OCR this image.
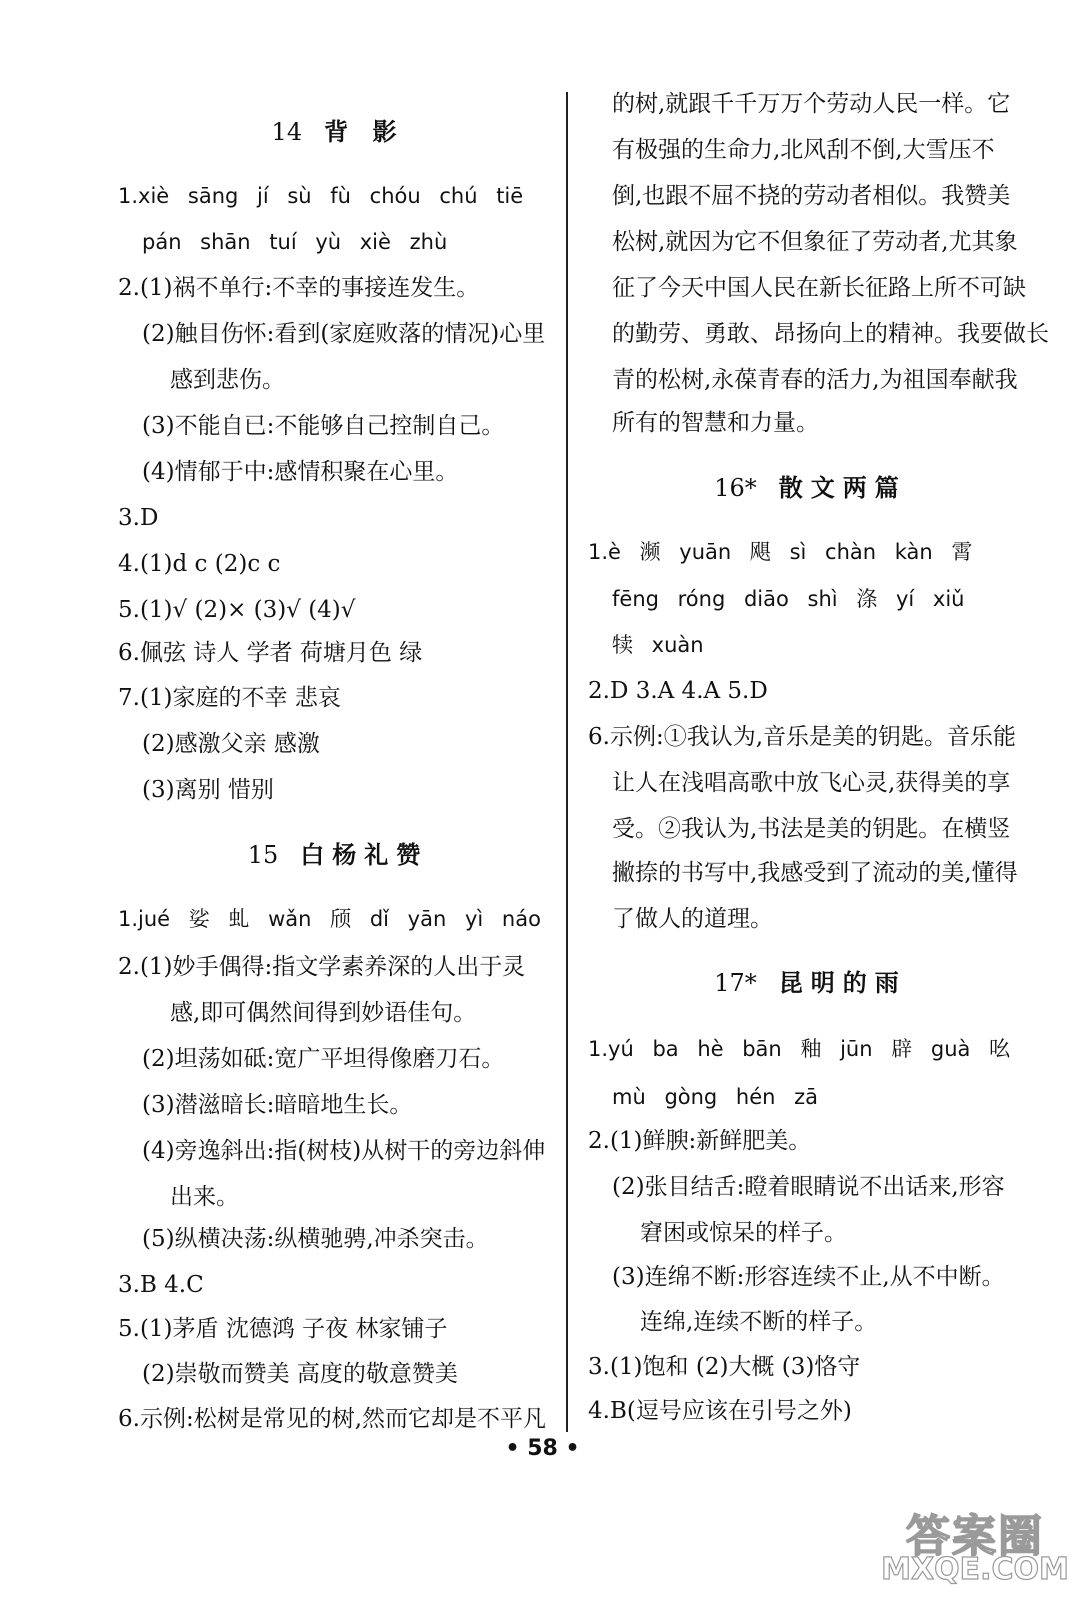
14 背 影
1.xiè sāng jí sù fù chóu chú tiē
pán shān tuí yù xiè zhù
2.(1)祸不单行:不幸的事接连发生。
(2)触目伤怀:看到(家庭败落的情况)心里
感到悲伤。
(3)不能自已:不能够自己控制自己。
(4)情郁于中:感情积聚在心里。
3.D
4.(1)d c (2)c c
5.(1)√ (2)× (3)√ (4)√
6.佩弦 诗人 学者 荷塘月色 绿
7.(1)家庭的不幸 悲哀
(2)感激父亲 感激
(3)离别 惜别
15 白杨礼赞
1.jué 娑 虬 wǎn 颀 dǐ yān yì náo
2.(1)妙手偶得:指文学素养深的人出于灵
感,即可偶然间得到妙语佳句。
(2)坦荡如砥:宽广平坦得像磨刀石。
(3)潜滋暗长:暗暗地生长。
(4)旁逸斜出:指(树枝)从树干的旁边斜伸
出来。
(5)纵横决荡:纵横驰骋,冲杀突击。
3.B 4.C
5.(1)茅盾 沈德鸿 子夜 林家铺子
(2)崇敬而赞美 高度的敬意赞美
6.示例:松树是常见的树,然而它却是不平凡
的树,就跟千千万万个劳动人民一样。它
有极强的生命力,北风刮不倒,大雪压不
倒,也跟不屈不挠的劳动者相似。我赞美
松树,就因为它不但象征了劳动者,尤其象
征了今天中国人民在新长征路上所不可缺
的勤劳、勇敢、昂扬向上的精神。我要做长
青的松树,永葆青春的活力,为祖国奉献我
所有的智慧和力量。
16* 散文两篇
1.è 濒 yuān 飓 sì chàn kàn 霄
fēng róng diāo shì 涤 yí xiǔ
犊 xuàn
2.D 3.A 4.A 5.D
6.示例:①我认为,音乐是美的钥匙。音乐能
让人在浅唱高歌中放飞心灵,获得美的享
受。②我认为,书法是美的钥匙。在横竖
撇捺的书写中,我感受到了流动的美,懂得
了做人的道理。
17* 昆明的雨
1.yú ba hè bān 釉 jūn 辟 guà 吆
mù gòng hén zā
2.(1)鲜腴:新鲜肥美。
(2)张目结舌:瞪着眼睛说不出话来,形容
窘困或惊呆的样子。
(3)连绵不断:形容连续不止,从不中断。
连绵,连续不断的样子。
3.(1)饱和 (2)大概 (3)恪守
4.B(逗号应该在引号之外)
• 58 •
答案圈
MXQE.COM
